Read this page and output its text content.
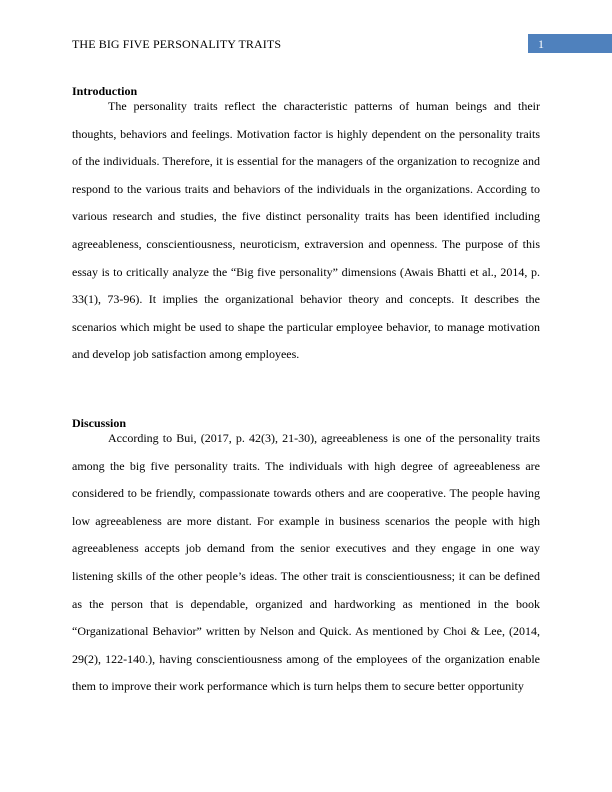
THE BIG FIVE PERSONALITY TRAITS	1
Introduction

The personality traits reflect the characteristic patterns of human beings and their thoughts, behaviors and feelings. Motivation factor is highly dependent on the personality traits of the individuals. Therefore, it is essential for the managers of the organization to recognize and respond to the various traits and behaviors of the individuals in the organizations. According to various research and studies, the five distinct personality traits has been identified including agreeableness, conscientiousness, neuroticism, extraversion and openness. The purpose of this essay is to critically analyze the “Big five personality” dimensions (Awais Bhatti et al., 2014, p. 33(1), 73-96). It implies the organizational behavior theory and concepts. It describes the scenarios which might be used to shape the particular employee behavior, to manage motivation and develop job satisfaction among employees.

Discussion

According to Bui, (2017, p. 42(3), 21-30), agreeableness is one of the personality traits among the big five personality traits. The individuals with high degree of agreeableness are considered to be friendly, compassionate towards others and are cooperative. The people having low agreeableness are more distant. For example in business scenarios the people with high agreeableness accepts job demand from the senior executives and they engage in one way listening skills of the other people’s ideas. The other trait is conscientiousness; it can be defined as the person that is dependable, organized and hardworking as mentioned in the book “Organizational Behavior” written by Nelson and Quick. As mentioned by Choi & Lee, (2014, 29(2), 122-140.), having conscientiousness among of the employees of the organization enable them to improve their work performance which is turn helps them to secure better opportunity
